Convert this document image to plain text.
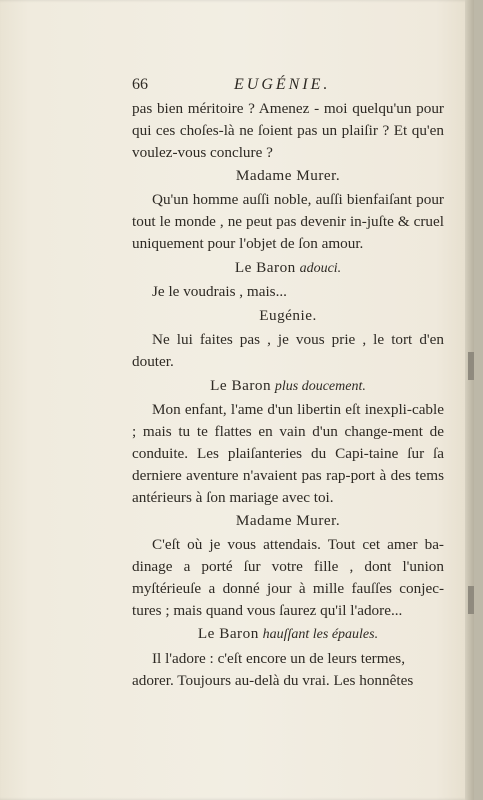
66	EUGÉNIE.

pas bien méritoire ? Amenez - moi quelqu'un pour qui ces choſes-là ne ſoient pas un plaiſir ? Et qu'en voulez-vous conclure ?

Madame Murer.

Qu'un homme auſſi noble, auſſi bienfaiſant pour tout le monde , ne peut pas devenir in-juſte & cruel uniquement pour l'objet de ſon amour.

Le Baron adouci.

Je le voudrais , mais...

Eugénie.

Ne lui faites pas , je vous prie , le tort d'en douter.

Le Baron plus doucement.

Mon enfant, l'ame d'un libertin eſt inexpli-cable ; mais tu te flattes en vain d'un change-ment de conduite. Les plaiſanteries du Capi-taine ſur ſa derniere aventure n'avaient pas rap-port à des tems antérieurs à ſon mariage avec toi.

Madame Murer.

C'eſt où je vous attendais. Tout cet amer ba-dinage a porté ſur votre fille , dont l'union myſtérieuſe a donné jour à mille fauſſes conjec-tures ; mais quand vous ſaurez qu'il l'adore...

Le Baron hauſſant les épaules.

Il l'adore : c'eſt encore un de leurs termes, adorer. Toujours au-delà du vrai. Les honnêtes
